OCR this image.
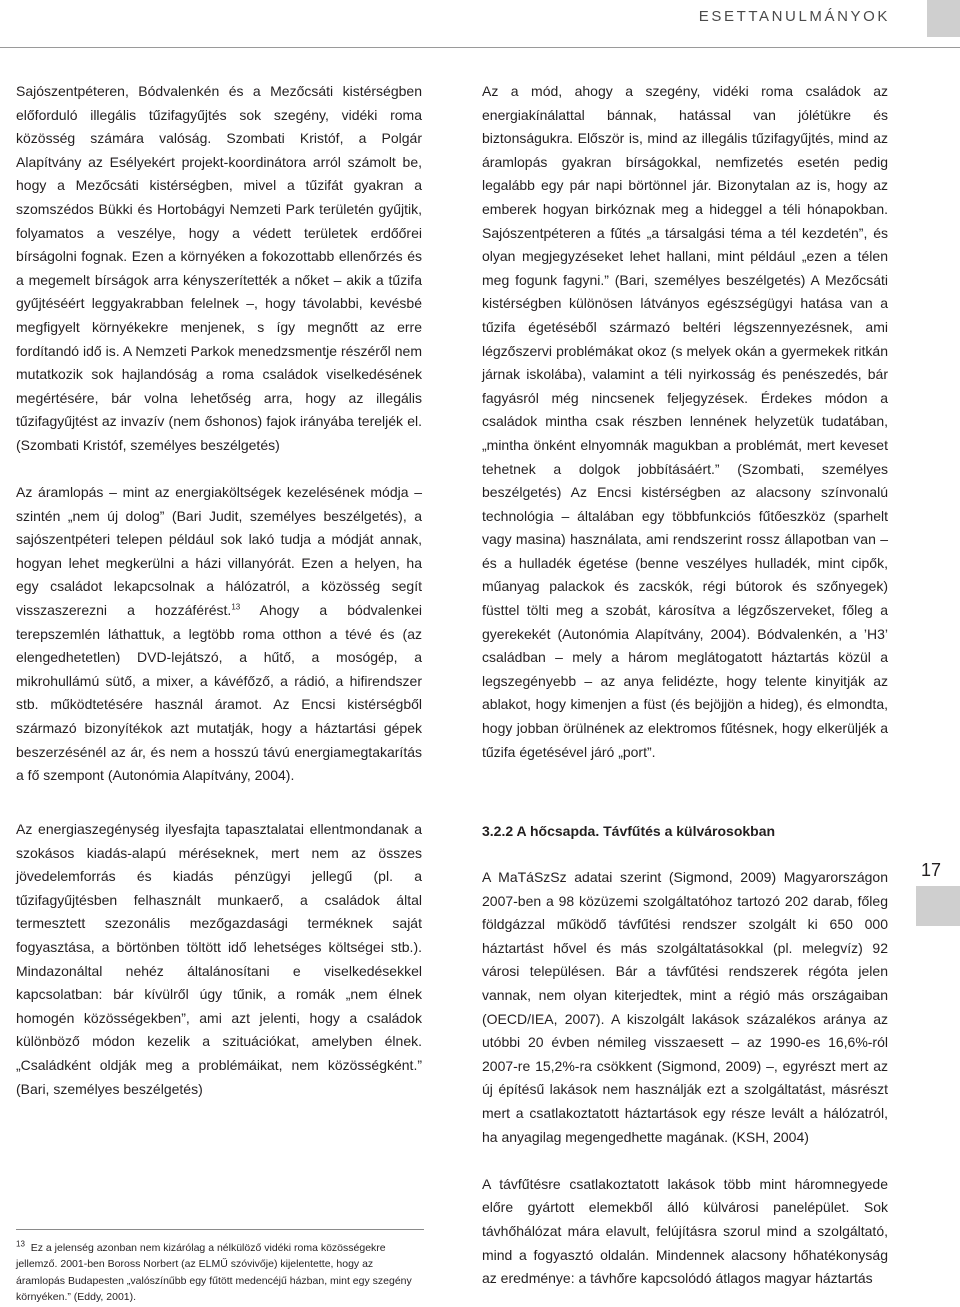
ESETTANULMÁNYOK

Sajószentpéteren, Bódvalenkén és a Mezőcsáti kistérségben előforduló illegális tűzifagyűjtés sok szegény, vidéki roma közösség számára valóság. Szombati Kristóf, a Polgár Alapítvány az Esélyekért projekt-koordinátora arról számolt be, hogy a Mezőcsáti kistérségben, mivel a tűzifát gyakran a szomszédos Bükki és Hortobágyi Nemzeti Park területén gyűjtik, folyamatos a veszélye, hogy a védett területek erdőőrei bírságolni fognak. Ezen a környéken a fokozottabb ellenőrzés és a megemelt bírságok arra kényszerítették a nőket – akik a tűzifa gyűjtéséért leggyakrabban felelnek –, hogy távolabbi, kevésbé megfigyelt környékekre menjenek, s így megnőtt az erre fordítandó idő is. A Nemzeti Parkok menedzsmentje részéről nem mutatkozik sok hajlandóság a roma családok viselkedésének megértésére, bár volna lehetőség arra, hogy az illegális tűzifagyűjtést az invazív (nem őshonos) fajok irányába tereljék el. (Szombati Kristóf, személyes beszélgetés)

Az áramlopás – mint az energiaköltségek kezelésének módja – szintén „nem új dolog” (Bari Judit, személyes beszélgetés), a sajószentpéteri telepen például sok lakó tudja a módját annak, hogyan lehet megkerülni a házi villanyórát. Ezen a helyen, ha egy családot lekapcsolnak a hálózatról, a közösség segít visszaszerezni a hozzáférést.$^{13}$ Ahogy a bódvalenkei terepszemlén láthattuk, a legtöbb roma otthon a tévé és (az elengedhetetlen) DVD-lejátszó, a hűtő, a mosógép, a mikrohullámú sütő, a mixer, a kávéfőző, a rádió, a hifirendszer stb. működtetésére használ áramot. Az Encsi kistérségből származó bizonyítékok azt mutatják, hogy a háztartási gépek beszerzésénél az ár, és nem a hosszú távú energiamegtakarítás a fő szempont (Autonómia Alapítvány, 2004).

Az energiaszegénység ilyesfajta tapasztalatai ellentmondanak a szokásos kiadás-alapú méréseknek, mert nem az összes jövedelemforrás és kiadás pénzügyi jellegű (pl. a tűzifagyűjtésben felhasznált munkaerő, a családok által termesztett szezonális mezőgazdasági terméknek saját fogyasztása, a börtönben töltött idő lehetséges költségei stb.). Mindazonáltal nehéz általánosítani e viselkedésekkel kapcsolatban: bár kívülről úgy tűnik, a romák „nem élnek homogén közösségekben”, ami azt jelenti, hogy a családok különböző módon kezelik a szituációkat, amelyben élnek. „Családként oldják meg a problémáikat, nem közösségként.” (Bari, személyes beszélgetés)

Az a mód, ahogy a szegény, vidéki roma családok az energiakínálattal bánnak, hatással van jólétükre és biztonságukra. Először is, mind az illegális tűzifagyűjtés, mind az áramlopás gyakran bírságokkal, nemfizetés esetén pedig legalább egy pár napi börtönnel jár. Bizonytalan az is, hogy az emberek hogyan birkóznak meg a hideggel a téli hónapokban. Sajószentpéteren a fűtés „a társalgási téma a tél kezdetén”, és olyan megjegyzéseket lehet hallani, mint például „ezen a télen meg fogunk fagyni.” (Bari, személyes beszélgetés) A Mezőcsáti kistérségben különösen látványos egészségügyi hatása van a tűzifa égetéséből származó beltéri légszennyezésnek, ami légzőszervi problémákat okoz (s melyek okán a gyermekek ritkán járnak iskolába), valamint a téli nyirkosság és penészedés, bár fagyásról még nincsenek feljegyzések. Érdekes módon a családok mintha csak részben lennének helyzetük tudatában, „mintha önként elnyomnák magukban a problémát, mert keveset tehetnek a dolgok jobbításáért.” (Szombati, személyes beszélgetés) Az Encsi kistérségben az alacsony színvonalú technológia – általában egy többfunkciós fűtőeszköz (sparhelt vagy masina) használata, ami rendszerint rossz állapotban van – és a hulladék égetése (benne veszélyes hulladék, mint cipők, műanyag palackok és zacskók, régi bútorok és szőnyegek) füsttel tölti meg a szobát, károsítva a légzőszerveket, főleg a gyerekekét (Autonómia Alapítvány, 2004). Bódvalenkén, a ’H3’ családban – mely a három meglátogatott háztartás közül a legszegényebb – az anya felidézte, hogy telente kinyitják az ablakot, hogy kimenjen a füst (és bejöjjön a hideg), és elmondta, hogy jobban örülnének az elektromos fűtésnek, hogy elkerüljék a tűzifa égetésével járó „port”.

3.2.2 A hőcsapda. Távfűtés a külvárosokban

A MaTáSzSz adatai szerint (Sigmond, 2009) Magyarországon 2007-ben a 98 közüzemi szolgáltatóhoz tartozó 202 darab, főleg földgázzal működő távfűtési rendszer szolgált ki 650 000 háztartást hővel és más szolgáltatásokkal (pl. melegvíz) 92 városi településen. Bár a távfűtési rendszerek régóta jelen vannak, nem olyan kiterjedtek, mint a régió más országaiban (OECD/IEA, 2007). A kiszolgált lakások százalékos aránya az utóbbi 20 évben némileg visszaesett – az 1990-es 16,6%-ról 2007-re 15,2%-ra csökkent (Sigmond, 2009) –, egyrészt mert az új építésű lakások nem használják ezt a szolgáltatást, másrészt mert a csatlakoztatott háztartások egy része levált a hálózatról, ha anyagilag megengedhette magának. (KSH, 2004)

A távfűtésre csatlakoztatott lakások több mint háromnegyede előre gyártott elemekből álló külvárosi panelépület. Sok távhőhálózat mára elavult, felújításra szorul mind a szolgáltató, mind a fogyasztó oldalán. Mindennek alacsony hőhatékonyság az eredménye: a távhőre kapcsolódó átlagos magyar háztartás

17

$^{13}$ Ez a jelenség azonban nem kizárólag a nélkülöző vidéki roma közösségekre jellemző. 2001-ben Boross Norbert (az ELMŰ szóvivője) kijelentette, hogy az áramlopás Budapesten „valószínűbb egy fűtött medencéjű házban, mint egy szegény környéken.” (Eddy, 2001).
